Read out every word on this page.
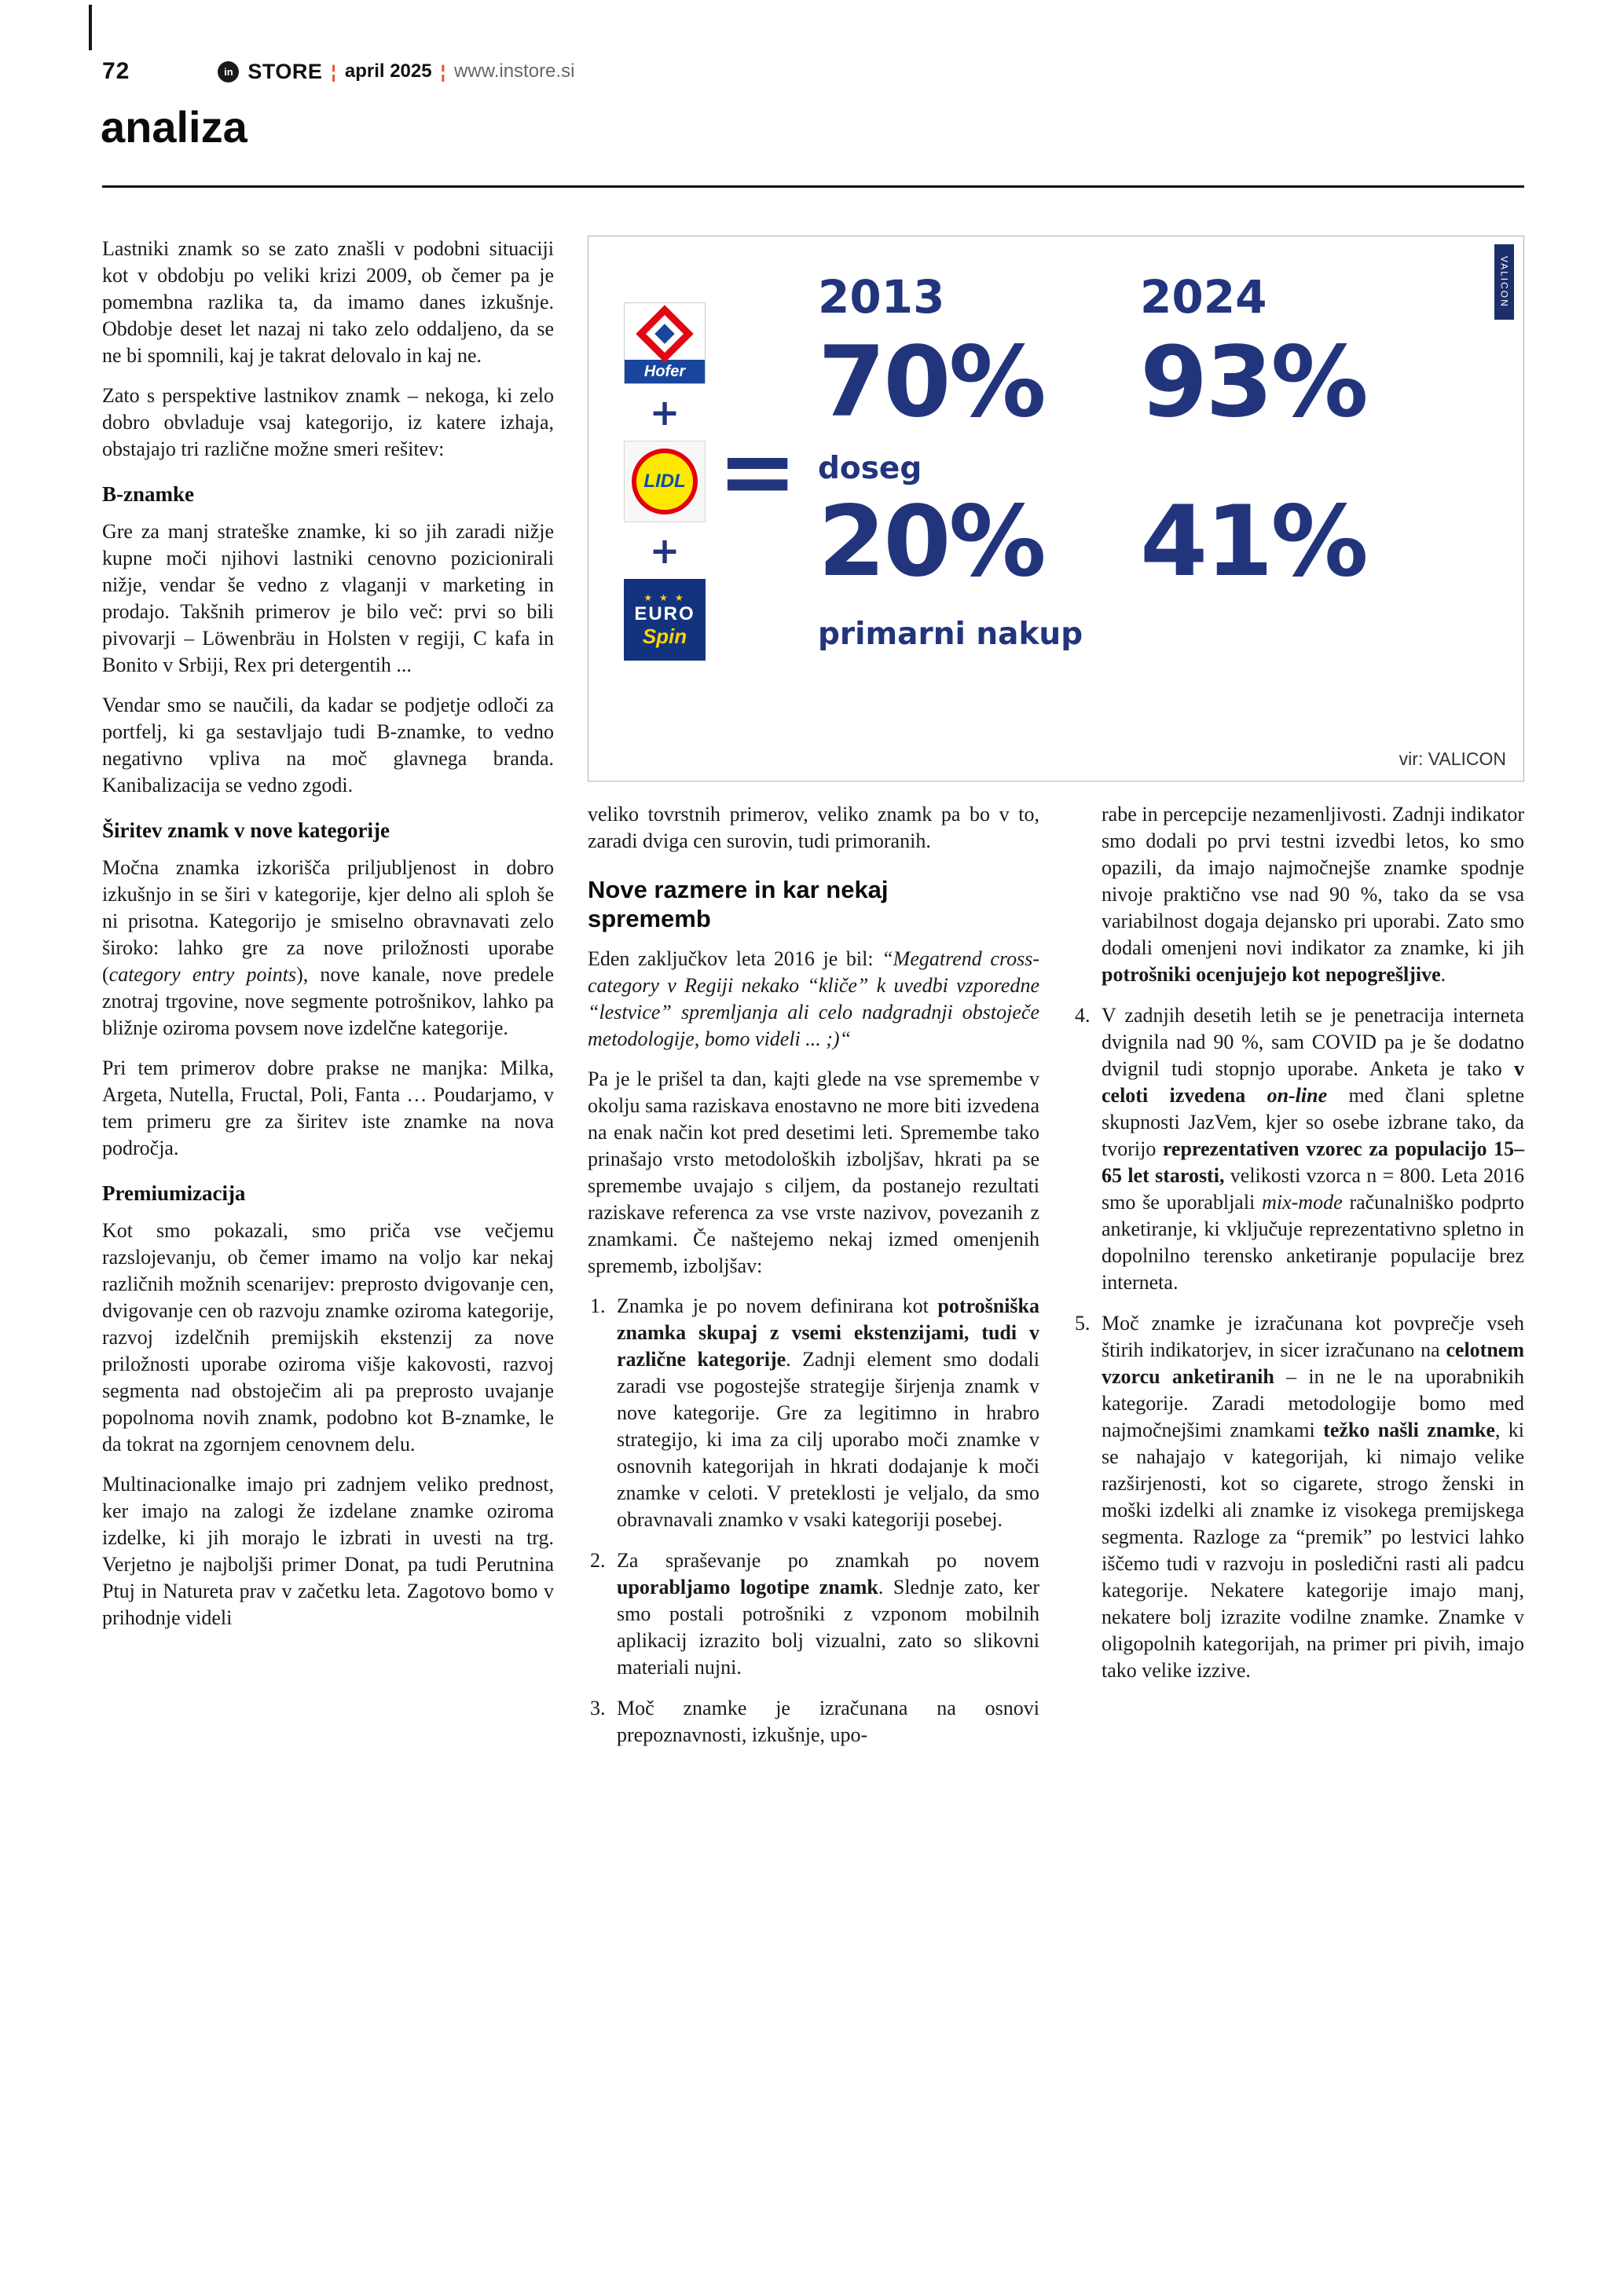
72	in STORE ¦ april 2025 ¦ www.instore.si
analiza

Lastniki znamk so se zato znašli v podobni situaciji kot v obdobju po veliki krizi 2009, ob čemer pa je pomembna razlika ta, da imamo danes izkušnje. Obdobje deset let nazaj ni tako zelo oddaljeno, da se ne bi spomnili, kaj je takrat delovalo in kaj ne.

Zato s perspektive lastnikov znamk – nekoga, ki zelo dobro obvladuje vsaj kategorijo, iz katere izhaja, obstajajo tri različne možne smeri rešitev:

B-znamke

Gre za manj strateške znamke, ki so jih zaradi nižje kupne moči njihovi lastniki cenovno pozicionirali nižje, vendar še vedno z vlaganji v marketing in prodajo. Takšnih primerov je bilo več: prvi so bili pivovarji – Löwenbräu in Holsten v regiji, C kafa in Bonito v Srbiji, Rex pri detergentih ...

Vendar smo se naučili, da kadar se podjetje odloči za portfelj, ki ga sestavljajo tudi B-znamke, to vedno negativno vpliva na moč glavnega branda. Kanibalizacija se vedno zgodi.

Širitev znamk v nove kategorije

Močna znamka izkorišča priljubljenost in dobro izkušnjo in se širi v kategorije, kjer delno ali sploh še ni prisotna. Kategorijo je smiselno obravnavati zelo široko: lahko gre za nove priložnosti uporabe (category entry points), nove kanale, nove predele znotraj trgovine, nove segmente potrošnikov, lahko pa bližnje oziroma povsem nove izdelčne kategorije.

Pri tem primerov dobre prakse ne manjka: Milka, Argeta, Nutella, Fructal, Poli, Fanta … Poudarjamo, v tem primeru gre za širitev iste znamke na nova področja.

Premiumizacija

Kot smo pokazali, smo priča vse večjemu razslojevanju, ob čemer imamo na voljo kar nekaj različnih možnih scenarijev: preprosto dvigovanje cen, dvigovanje cen ob razvoju znamke oziroma kategorije, razvoj izdelčnih premijskih ekstenzij za nove priložnosti uporabe oziroma višje kakovosti, razvoj segmenta nad obstoječim ali pa preprosto uvajanje popolnoma novih znamk, podobno kot B-znamke, le da tokrat na zgornjem cenovnem delu.

Multinacionalke imajo pri zadnjem veliko prednost, ker imajo na zalogi že izdelane znamke oziroma izdelke, ki jih morajo le izbrati in uvesti na trg. Verjetno je najboljši primer Donat, pa tudi Perutnina Ptuj in Natureta prav v začetku leta. Zagotovo bomo v prihodnje videli

VALICON
Hofer
+
LIDL
+
★ ★ ★
EURO
Spin
=
2013	2024
70% 93%
doseg
20% 41%
primarni nakup
vir: VALICON

veliko tovrstnih primerov, veliko znamk pa bo v to, zaradi dviga cen surovin, tudi primoranih.

Nove razmere in kar nekaj sprememb

Eden zaključkov leta 2016 je bil: “Megatrend cross-category v Regiji nekako “kliče” k uvedbi vzporedne “lestvice” spremljanja ali celo nadgradnji obstoječe metodologije, bomo videli ... ;)“

Pa je le prišel ta dan, kajti glede na vse spremembe v okolju sama raziskava enostavno ne more biti izvedena na enak način kot pred desetimi leti. Spremembe tako prinašajo vrsto metodoloških izboljšav, hkrati pa se spremembe uvajajo s ciljem, da postanejo rezultati raziskave referenca za vse vrste nazivov, povezanih z znamkami. Če naštejemo nekaj izmed omenjenih sprememb, izboljšav:

1. Znamka je po novem definirana kot potrošniška znamka skupaj z vsemi ekstenzijami, tudi v različne kategorije. Zadnji element smo dodali zaradi vse pogostejše strategije širjenja znamk v nove kategorije. Gre za legitimno in hrabro strategijo, ki ima za cilj uporabo moči znamke v osnovnih kategorijah in hkrati dodajanje k moči znamke v celoti. V preteklosti je veljalo, da smo obravnavali znamko v vsaki kategoriji posebej.
2. Za spraševanje po znamkah po novem uporabljamo logotipe znamk. Slednje zato, ker smo postali potrošniki z vzponom mobilnih aplikacij izrazito bolj vizualni, zato so slikovni materiali nujni.
3. Moč znamke je izračunana na osnovi prepoznavnosti, izkušnje, upo-
rabe in percepcije nezamenljivosti. Zadnji indikator smo dodali po prvi testni izvedbi letos, ko smo opazili, da imajo najmočnejše znamke spodnje nivoje praktično vse nad 90 %, tako da se vsa variabilnost dogaja dejansko pri uporabi. Zato smo dodali omenjeni novi indikator za znamke, ki jih potrošniki ocenjujejo kot nepogrešljive.
4. V zadnjih desetih letih se je penetracija interneta dvignila nad 90 %, sam COVID pa je še dodatno dvignil tudi stopnjo uporabe. Anketa je tako v celoti izvedena on-line med člani spletne skupnosti JazVem, kjer so osebe izbrane tako, da tvorijo reprezentativen vzorec za populacijo 15–65 let starosti, velikosti vzorca n = 800. Leta 2016 smo še uporabljali mix-mode računalniško podprto anketiranje, ki vključuje reprezentativno spletno in dopolnilno terensko anketiranje populacije brez interneta.
5. Moč znamke je izračunana kot povprečje vseh štirih indikatorjev, in sicer izračunano na celotnem vzorcu anketiranih – in ne le na uporabnikih kategorije. Zaradi metodologije bomo med najmočnejšimi znamkami težko našli znamke, ki se nahajajo v kategorijah, ki nimajo velike razširjenosti, kot so cigarete, strogo ženski in moški izdelki ali znamke iz visokega premijskega segmenta. Razloge za “premik” po lestvici lahko iščemo tudi v razvoju in posledični rasti ali padcu kategorije. Nekatere kategorije imajo manj, nekatere bolj izrazite vodilne znamke. Znamke v oligopolnih kategorijah, na primer pri pivih, imajo tako velike izzive.
